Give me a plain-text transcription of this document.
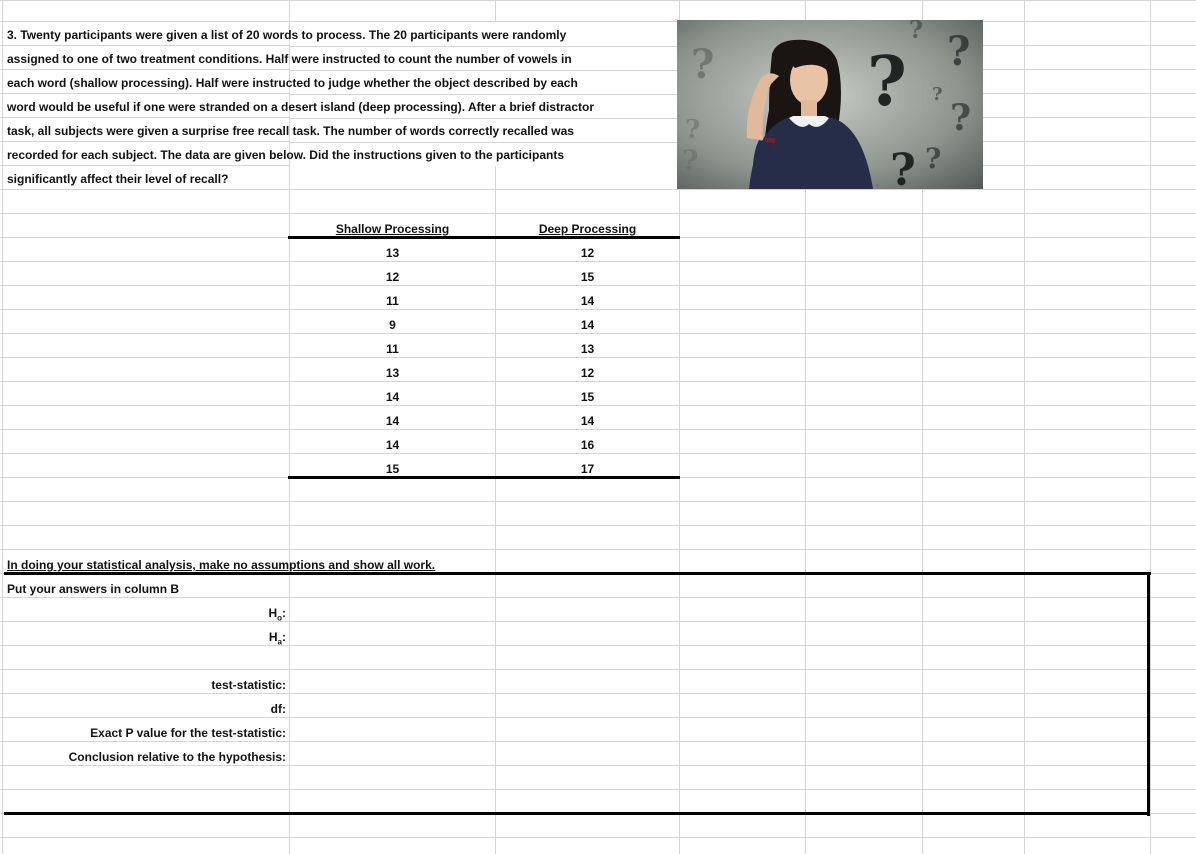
3. Twenty participants were given a list of 20 words to process. The 20 participants were randomly
assigned to one of two treatment conditions. Half were instructed to count the number of vowels in
each word (shallow processing). Half were instructed to judge whether the object described by each
word would be useful if one were stranded on a desert island (deep processing). After a brief distractor
task, all subjects were given a surprise free recall task. The number of words correctly recalled was
recorded for each subject. The data are given below. Did the instructions given to the participants
significantly affect their level of recall?
?
?
? ?
?
?
?
? ?
?
Shallow Processing	Deep Processing
13
12
11
9
11
13
14
14
14
15
12
15
14
14
13
12
15
14
16
17
In doing your statistical analysis, make no assumptions and show all work.
Put your answers in column B
$H_o$:
$H_a$:
test-statistic:
df:
Exact P value for the test-statistic:
Conclusion relative to the hypothesis:
